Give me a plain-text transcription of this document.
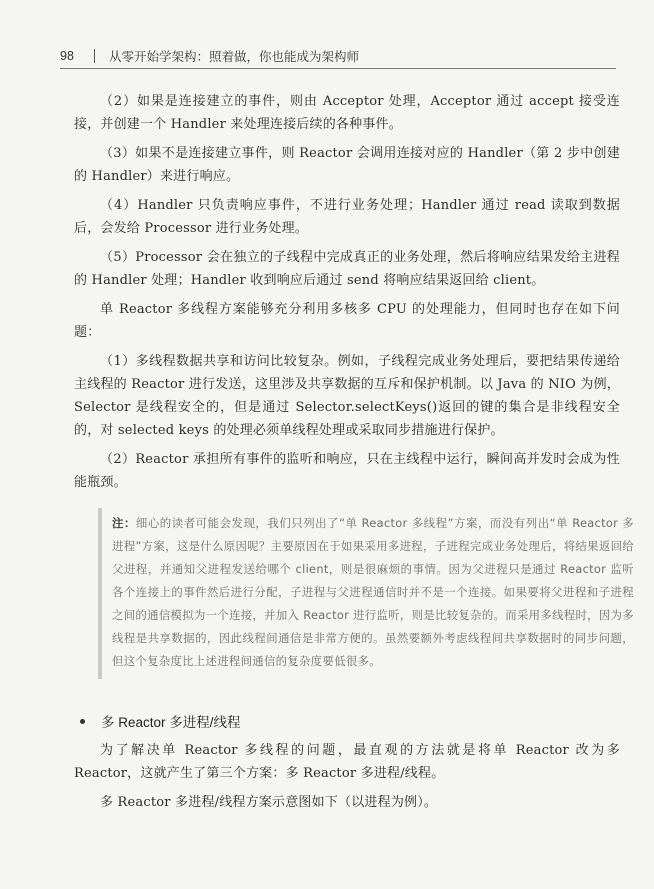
98	从零开始学架构：照着做，你也能成为架构师

（2）如果是连接建立的事件，则由 Acceptor 处理，Acceptor 通过 accept 接受连接，并创建一个 Handler 来处理连接后续的各种事件。

（3）如果不是连接建立事件，则 Reactor 会调用连接对应的 Handler（第 2 步中创建的 Handler）来进行响应。

（4）Handler 只负责响应事件，不进行业务处理；Handler 通过 read 读取到数据后，会发给 Processor 进行业务处理。

（5）Processor 会在独立的子线程中完成真正的业务处理，然后将响应结果发给主进程的 Handler 处理；Handler 收到响应后通过 send 将响应结果返回给 client。

单 Reactor 多线程方案能够充分利用多核多 CPU 的处理能力，但同时也存在如下问题：

（1）多线程数据共享和访问比较复杂。例如，子线程完成业务处理后，要把结果传递给主线程的 Reactor 进行发送，这里涉及共享数据的互斥和保护机制。以 Java 的 NIO 为例，Selector 是线程安全的，但是通过 Selector.selectKeys()返回的键的集合是非线程安全的，对 selected keys 的处理必须单线程处理或采取同步措施进行保护。

（2）Reactor 承担所有事件的监听和响应，只在主线程中运行，瞬间高并发时会成为性能瓶颈。

注：细心的读者可能会发现，我们只列出了“单 Reactor 多线程”方案，而没有列出“单 Reactor 多进程”方案，这是什么原因呢？主要原因在于如果采用多进程，子进程完成业务处理后，将结果返回给父进程，并通知父进程发送给哪个 client，则是很麻烦的事情。因为父进程只是通过 Reactor 监听各个连接上的事件然后进行分配，子进程与父进程通信时并不是一个连接。如果要将父进程和子进程之间的通信模拟为一个连接，并加入 Reactor 进行监听，则是比较复杂的。而采用多线程时，因为多线程是共享数据的，因此线程间通信是非常方便的。虽然要额外考虑线程间共享数据时的同步问题，但这个复杂度比上述进程间通信的复杂度要低很多。
多 Reactor 多进程/线程

为了解决单 Reactor 多线程的问题，最直观的方法就是将单 Reactor 改为多 Reactor，这就产生了第三个方案：多 Reactor 多进程/线程。

多 Reactor 多进程/线程方案示意图如下（以进程为例）。
